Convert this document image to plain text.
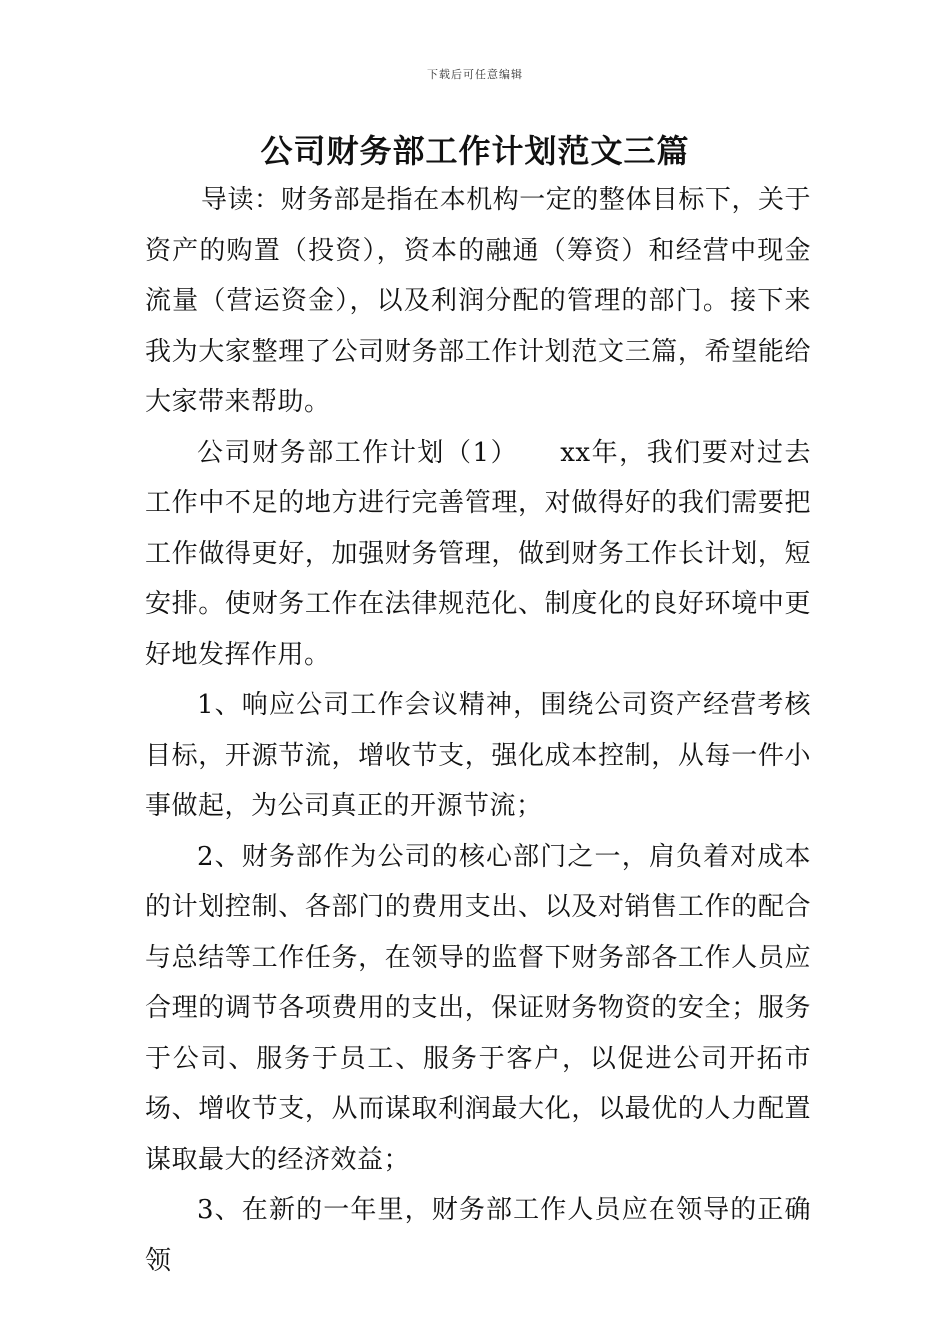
下载后可任意编辑
公司财务部工作计划范文三篇

导读：财务部是指在本机构一定的整体目标下，关于资产的购置（投资），资本的融通（筹资）和经营中现金流量（营运资金），以及利润分配的管理的部门。接下来我为大家整理了公司财务部工作计划范文三篇，希望能给大家带来帮助。

公司财务部工作计划（1）　　xx年，我们要对过去工作中不足的地方进行完善管理，对做得好的我们需要把工作做得更好，加强财务管理，做到财务工作长计划，短安排。使财务工作在法律规范化、制度化的良好环境中更好地发挥作用。

1、响应公司工作会议精神，围绕公司资产经营考核目标，开源节流，增收节支，强化成本控制，从每一件小事做起，为公司真正的开源节流；

2、财务部作为公司的核心部门之一，肩负着对成本的计划控制、各部门的费用支出、以及对销售工作的配合与总结等工作任务，在领导的监督下财务部各工作人员应合理的调节各项费用的支出，保证财务物资的安全；服务于公司、服务于员工、服务于客户，以促进公司开拓市场、增收节支，从而谋取利润最大化，以最优的人力配置谋取最大的经济效益；

3、在新的一年里，财务部工作人员应在领导的正确领
